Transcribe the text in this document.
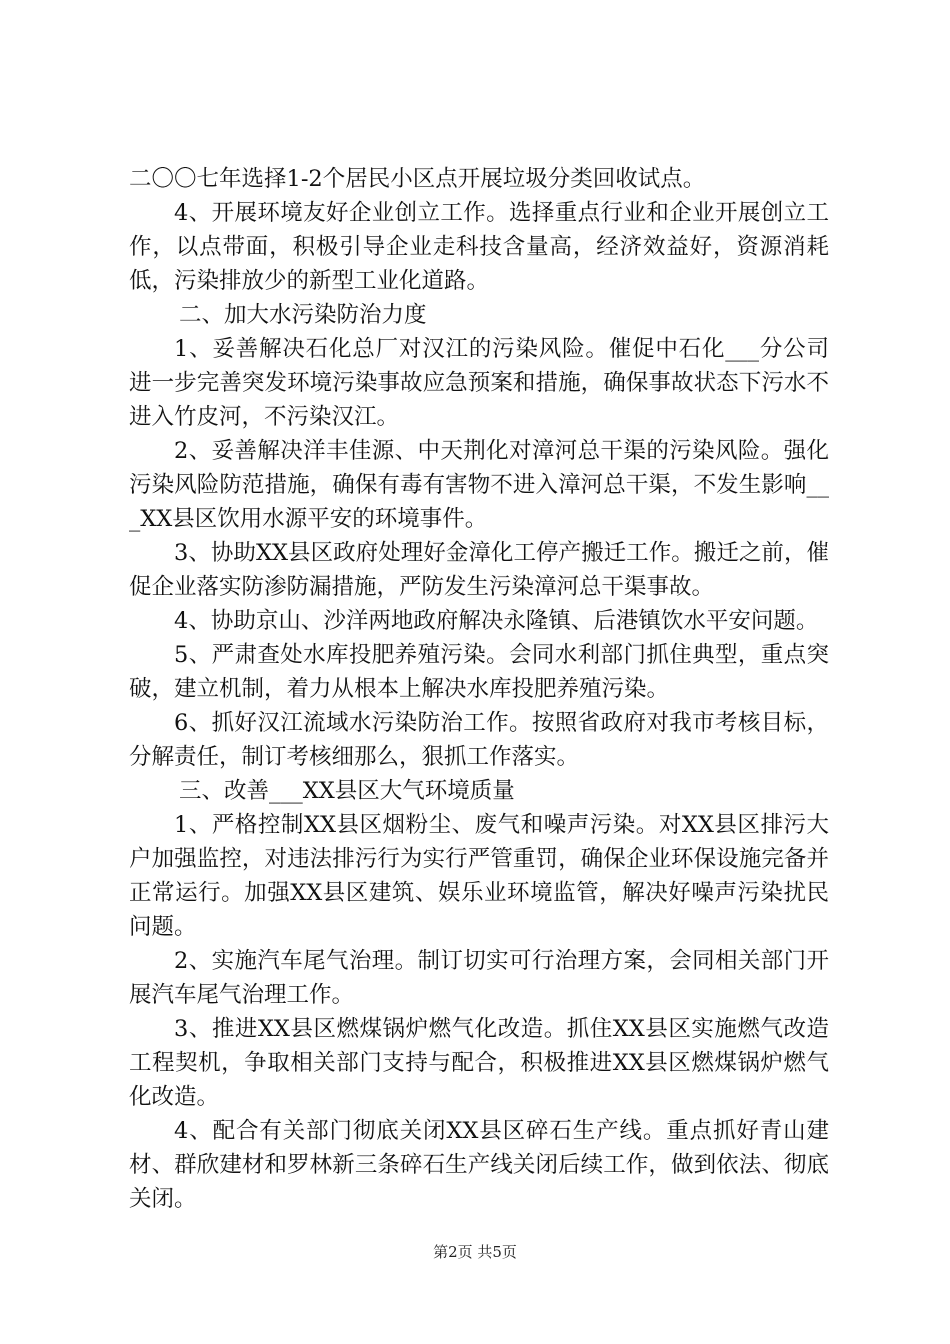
二〇〇七年选择1-2个居民小区点开展垃圾分类回收试点。

4、开展环境友好企业创立工作。选择重点行业和企业开展创立工作，以点带面，积极引导企业走科技含量高，经济效益好，资源消耗低，污染排放少的新型工业化道路。

二、加大水污染防治力度

1、妥善解决石化总厂对汉江的污染风险。催促中石化___分公司进一步完善突发环境污染事故应急预案和措施，确保事故状态下污水不进入竹皮河，不污染汉江。

2、妥善解决洋丰佳源、中天荆化对漳河总干渠的污染风险。强化污染风险防范措施，确保有毒有害物不进入漳河总干渠，不发生影响___XX县区饮用水源平安的环境事件。

3、协助XX县区政府处理好金漳化工停产搬迁工作。搬迁之前，催促企业落实防渗防漏措施，严防发生污染漳河总干渠事故。

4、协助京山、沙洋两地政府解决永隆镇、后港镇饮水平安问题。

5、严肃查处水库投肥养殖污染。会同水利部门抓住典型，重点突破，建立机制，着力从根本上解决水库投肥养殖污染。

6、抓好汉江流域水污染防治工作。按照省政府对我市考核目标，分解责任，制订考核细那么，狠抓工作落实。

三、改善___XX县区大气环境质量

1、严格控制XX县区烟粉尘、废气和噪声污染。对XX县区排污大户加强监控，对违法排污行为实行严管重罚，确保企业环保设施完备并正常运行。加强XX县区建筑、娱乐业环境监管，解决好噪声污染扰民问题。

2、实施汽车尾气治理。制订切实可行治理方案，会同相关部门开展汽车尾气治理工作。

3、推进XX县区燃煤锅炉燃气化改造。抓住XX县区实施燃气改造工程契机，争取相关部门支持与配合，积极推进XX县区燃煤锅炉燃气化改造。

4、配合有关部门彻底关闭XX县区碎石生产线。重点抓好青山建材、群欣建材和罗林新三条碎石生产线关闭后续工作，做到依法、彻底关闭。

第2页 共5页
